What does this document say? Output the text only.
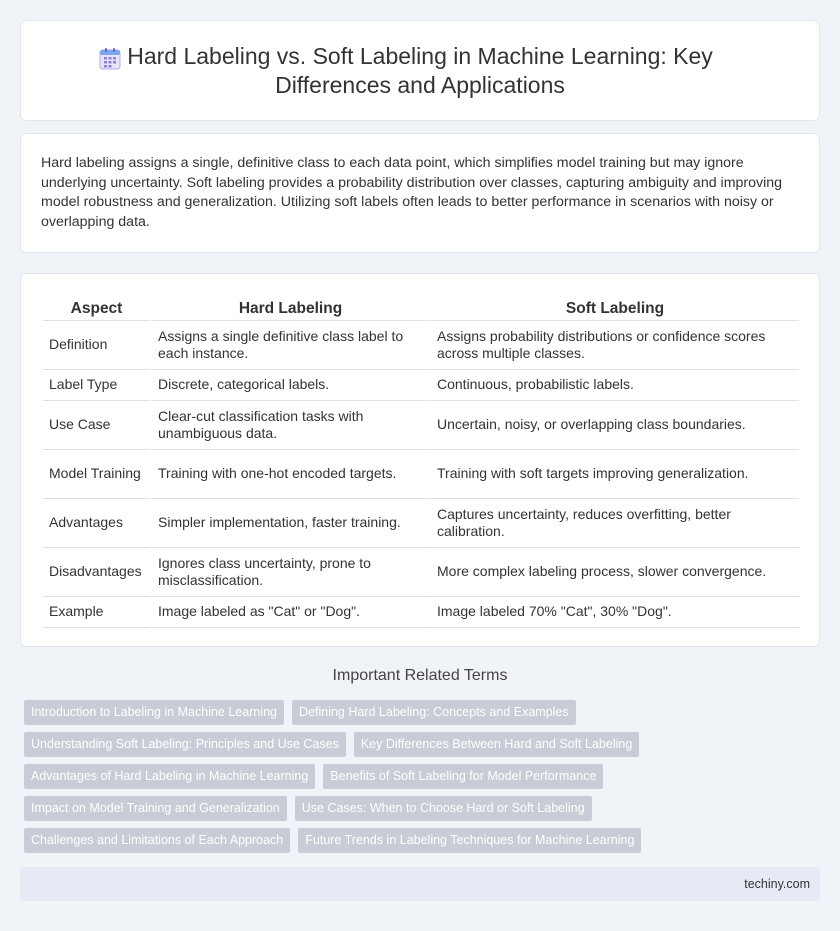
Hard Labeling vs. Soft Labeling in Machine Learning: Key Differences and Applications

Hard labeling assigns a single, definitive class to each data point, which simplifies model training but may ignore underlying uncertainty. Soft labeling provides a probability distribution over classes, capturing ambiguity and improving model robustness and generalization. Utilizing soft labels often leads to better performance in scenarios with noisy or overlapping data.

Aspect	Hard Labeling	Soft Labeling
Definition	Assigns a single definitive class label to each instance.	Assigns probability distributions or confidence scores across multiple classes.
Label Type	Discrete, categorical labels.	Continuous, probabilistic labels.
Use Case	Clear-cut classification tasks with unambiguous data.	Uncertain, noisy, or overlapping class boundaries.
Model Training	Training with one-hot encoded targets.	Training with soft targets improving generalization.
Advantages	Simpler implementation, faster training.	Captures uncertainty, reduces overfitting, better calibration.
Disadvantages	Ignores class uncertainty, prone to misclassification.	More complex labeling process, slower convergence.
Example	Image labeled as "Cat" or "Dog".	Image labeled 70% "Cat", 30% "Dog".
Important Related Terms
Introduction to Labeling in Machine Learning	Defining Hard Labeling: Concepts and Examples
Understanding Soft Labeling: Principles and Use Cases	Key Differences Between Hard and Soft Labeling
Advantages of Hard Labeling in Machine Learning	Benefits of Soft Labeling for Model Performance
Impact on Model Training and Generalization	Use Cases: When to Choose Hard or Soft Labeling
Challenges and Limitations of Each Approach	Future Trends in Labeling Techniques for Machine Learning
techiny.com
